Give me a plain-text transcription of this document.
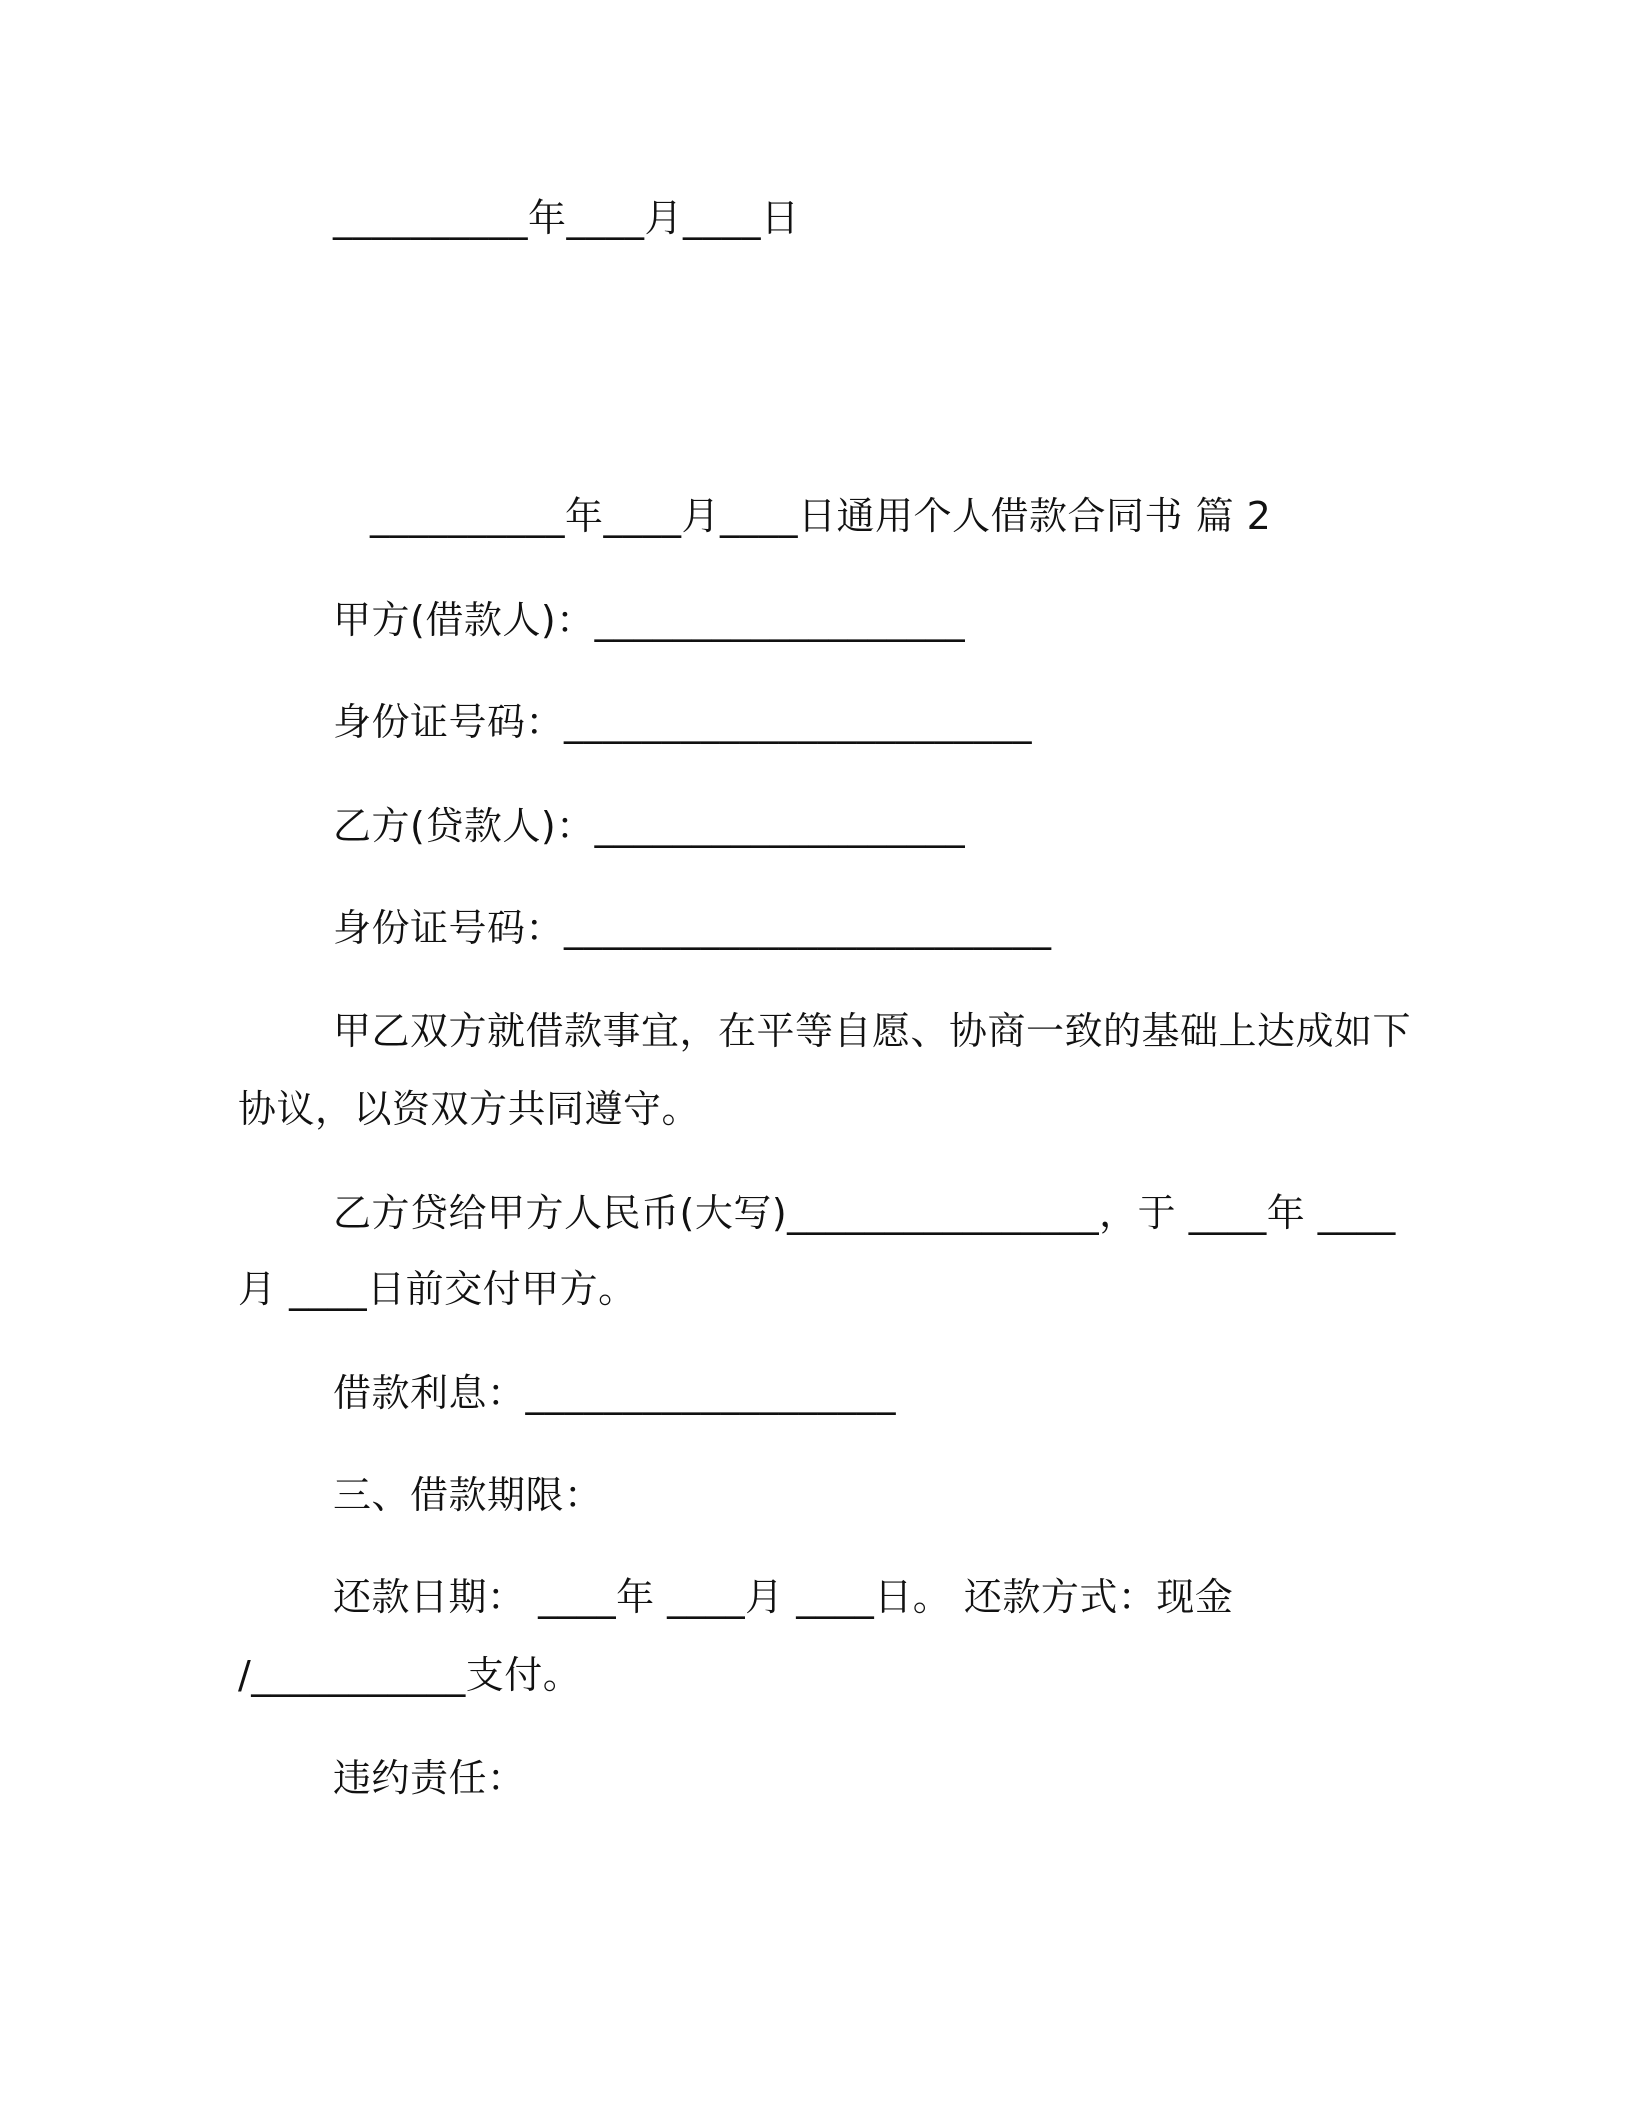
__________年____月____日
__________年____月____日通用个人借款合同书 篇 2
甲方(借款人)：___________________
身份证号码：________________________
乙方(贷款人)：___________________
身份证号码：_________________________
甲乙双方就借款事宜，在平等自愿、协商一致的基础上达成如下
协议，以资双方共同遵守。
乙方贷给甲方人民币(大写)________________，于 ____年 ____
月 ____日前交付甲方。
借款利息：___________________
三、借款期限：
还款日期： ____年 ____月 ____日。 还款方式：现金
/___________支付。
违约责任：
